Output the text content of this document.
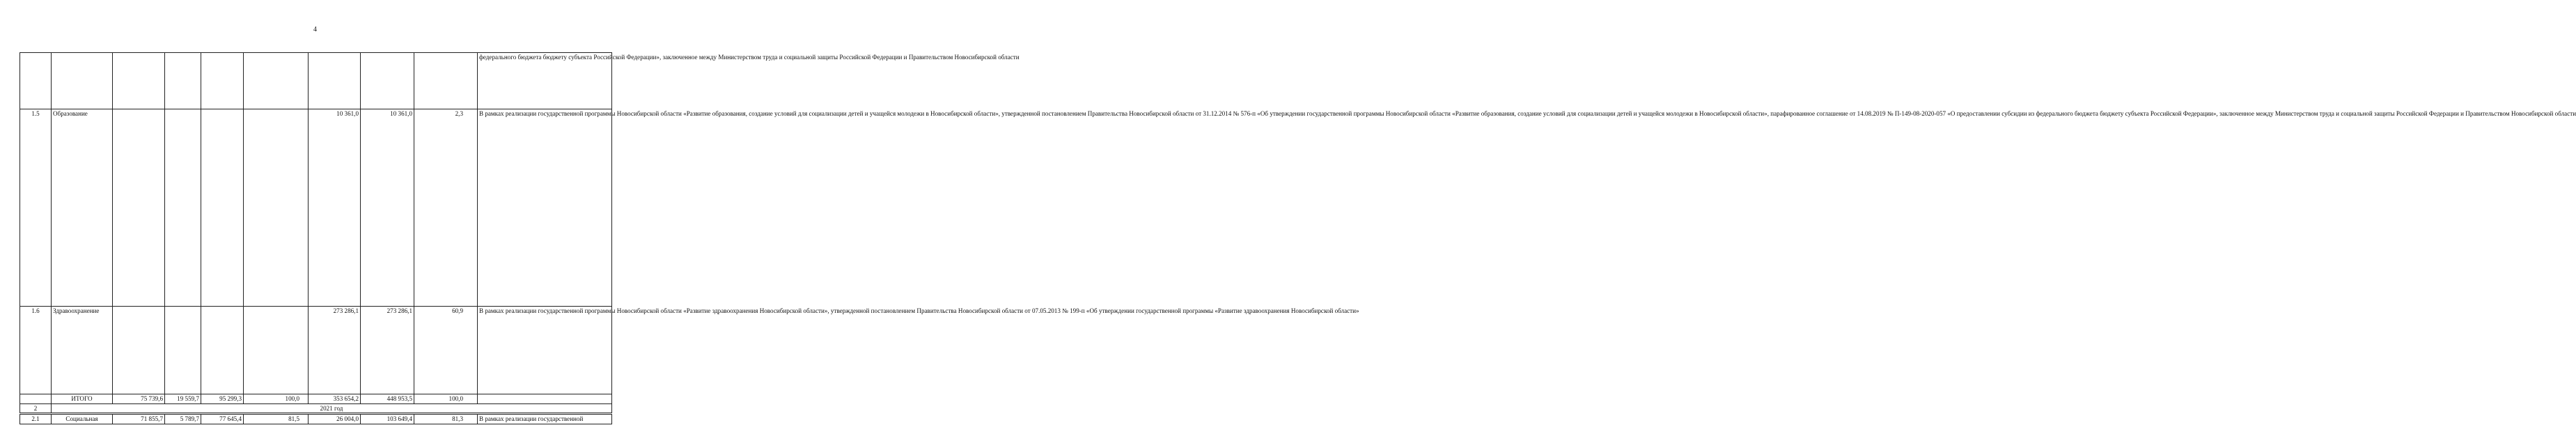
4
									федерального бюджета бюджету субъекта Российской Федерации», заключенное между Министерством труда и социальной защиты Российской Федерации и Правительством Новосибирской области
1.5	Образование					10 361,0	10 361,0	2,3	В рамках реализации государственной программы Новосибирской области «Развитие образования, создание условий для социализации детей и учащейся молодежи в Новосибирской области», утвержденной постановлением Правительства Новосибирской области от 31.12.2014 № 576-п «Об утверждении государственной программы Новосибирской области «Развитие образования, создание условий для социализации детей и учащейся молодежи в Новосибирской области», парафированное соглашение от 14.08.2019 № П-149-08-2020-057 «О предоставлении субсидии из федерального бюджета бюджету субъекта Российской Федерации», заключенное между Министерством труда и социальной защиты Российской Федерации и Правительством Новосибирской области
1.6	Здравоохранение					273 286,1	273 286,1	60,9	В рамках реализации государственной программы Новосибирской области «Развитие здравоохранения Новосибирской области», утвержденной постановлением Правительства Новосибирской области от 07.05.2013 № 199-п «Об утверждении государственной программы «Развитие здравоохранения Новосибирской области»
	ИТОГО	75 739,6	19 559,7	95 299,3	100,0	353 654,2	448 953,5	100,0	
2	2021 год								
2.1	Социальная	71 855,7	5 789,7	77 645,4	81,5	26 004,0	103 649,4	81,3	В рамках реализации государственной
